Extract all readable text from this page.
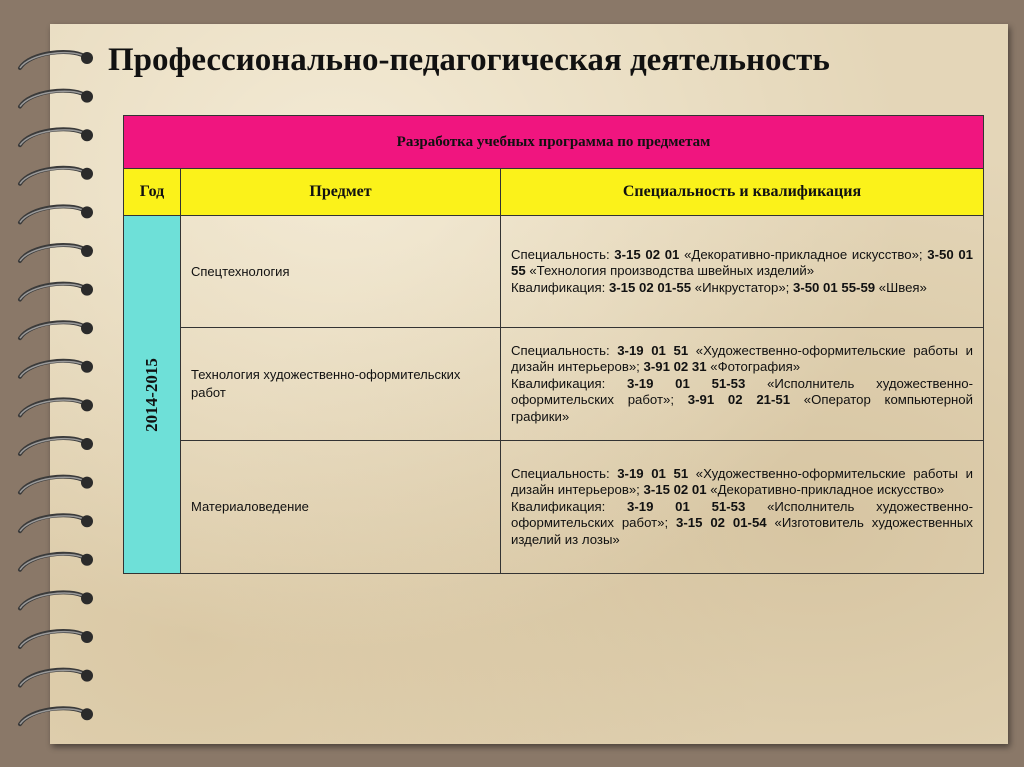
Профессионально-педагогическая деятельность
Разработка учебных программа по предметам		
Год	Предмет	Специальность и квалификация

2014-2015	Спецтехнология	Специальность: 3-15 02 01 «Декоративно-прикладное искусство»; 3-50 01 55 «Технология производства швейных изделий»

Квалификация: 3-15 02 01-55 «Инкрустатор»; 3-50 01 55-59 «Швея»

	Технология художественно-оформительских работ	Специальность: 3-19 01 51 «Художественно-оформительские работы и дизайн интерьеров»; 3-91 02 31 «Фотография»

Квалификация: 3-19 01 51-53 «Исполнитель художественно-оформительских работ»; 3-91 02 21-51 «Оператор компьютерной графики»

	Материаловедение	Специальность: 3-19 01 51 «Художественно-оформительские работы и дизайн интерьеров»; 3-15 02 01 «Декоративно-прикладное искусство»

Квалификация: 3-19 01 51-53 «Исполнитель художественно-оформительских работ»; 3-15 02 01-54 «Изготовитель художественных изделий из лозы»
